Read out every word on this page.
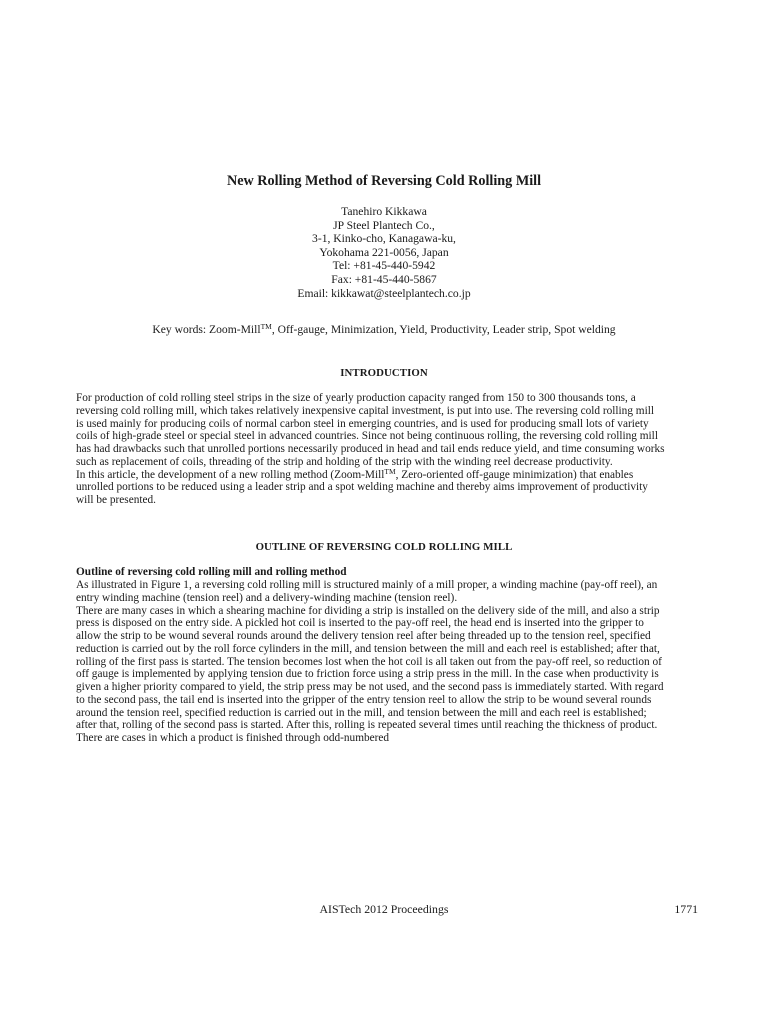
New Rolling Method of Reversing Cold Rolling Mill
Tanehiro Kikkawa
JP Steel Plantech Co.,
3-1, Kinko-cho, Kanagawa-ku,
Yokohama 221-0056, Japan
Tel: +81-45-440-5942
Fax: +81-45-440-5867
Email: kikkawat@steelplantech.co.jp
Key words: Zoom-Mill™, Off-gauge, Minimization, Yield, Productivity, Leader strip, Spot welding
INTRODUCTION
For production of cold rolling steel strips in the size of yearly production capacity ranged from 150 to 300 thousands tons, a
reversing cold rolling mill, which takes relatively inexpensive capital investment, is put into use. The reversing cold rolling mill
is used mainly for producing coils of normal carbon steel in emerging countries, and is used for producing small lots of variety
coils of high-grade steel or special steel in advanced countries. Since not being continuous rolling, the reversing cold rolling mill
has had drawbacks such that unrolled portions necessarily produced in head and tail ends reduce yield, and time consuming works
such as replacement of coils, threading of the strip and holding of the strip with the winding reel decrease productivity.
In this article, the development of a new rolling method (Zoom-Mill™, Zero-oriented off-gauge minimization) that enables
unrolled portions to be reduced using a leader strip and a spot welding machine and thereby aims improvement of productivity
will be presented.
OUTLINE OF REVERSING COLD ROLLING MILL
Outline of reversing cold rolling mill and rolling method
As illustrated in Figure 1, a reversing cold rolling mill is structured mainly of a mill proper, a winding machine (pay-off reel), an
entry winding machine (tension reel) and a delivery-winding machine (tension reel).
There are many cases in which a shearing machine for dividing a strip is installed on the delivery side of the mill, and also a strip
press is disposed on the entry side. A pickled hot coil is inserted to the pay-off reel, the head end is inserted into the gripper to
allow the strip to be wound several rounds around the delivery tension reel after being threaded up to the tension reel, specified
reduction is carried out by the roll force cylinders in the mill, and tension between the mill and each reel is established; after that,
rolling of the first pass is started. The tension becomes lost when the hot coil is all taken out from the pay-off reel, so reduction of
off gauge is implemented by applying tension due to friction force using a strip press in the mill. In the case when productivity is
given a higher priority compared to yield, the strip press may be not used, and the second pass is immediately started. With regard
to the second pass, the tail end is inserted into the gripper of the entry tension reel to allow the strip to be wound several rounds
around the tension reel, specified reduction is carried out in the mill, and tension between the mill and each reel is established;
after that, rolling of the second pass is started. After this, rolling is repeated several times until reaching the thickness of product.
There are cases in which a product is finished through odd-numbered
AISTech 2012 Proceedings	1771
